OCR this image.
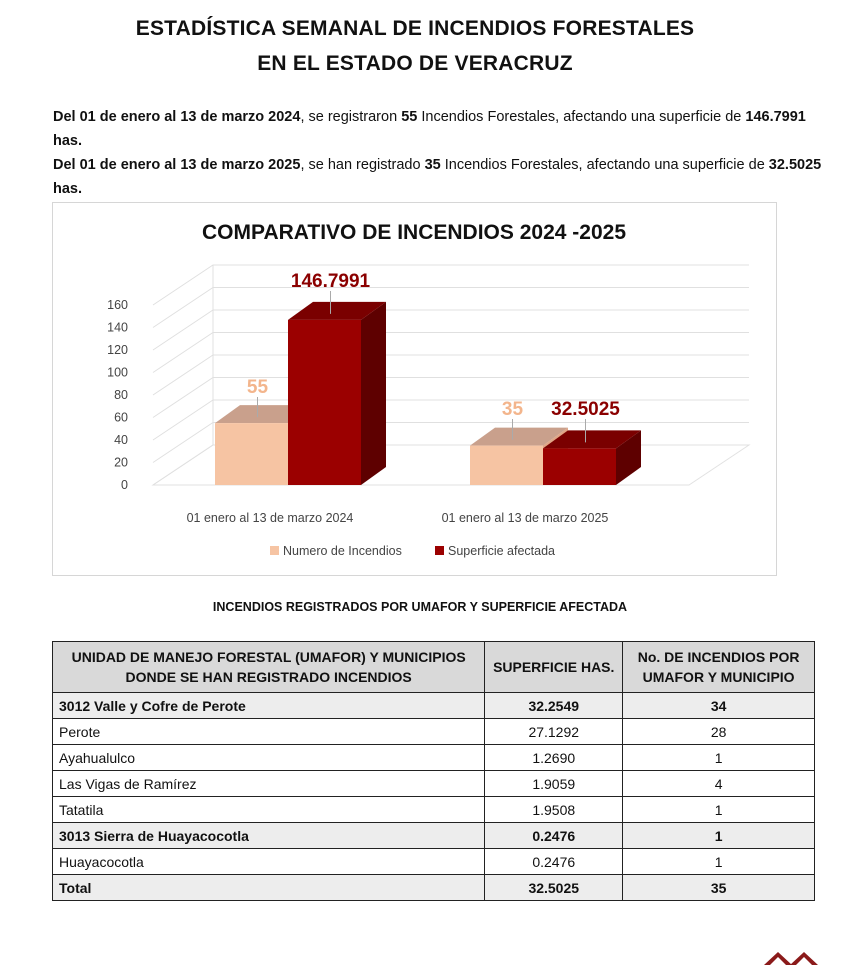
ESTADÍSTICA SEMANAL DE INCENDIOS FORESTALES
EN EL ESTADO DE VERACRUZ
Del 01 de enero al 13 de marzo 2024, se registraron 55 Incendios Forestales, afectando una superficie de 146.7991 has.
Del 01 de enero al 13 de marzo 2025, se han registrado 35 Incendios Forestales, afectando una superficie de 32.5025 has.
COMPARATIVO DE INCENDIOS 2024 -2025
0
20
40
60
80
100
120
140
160
55
146.7991
35 32.5025
01 enero al 13 de marzo 2024	01 enero al 13 de marzo 2025
Numero de Incendios	Superficie afectada
INCENDIOS REGISTRADOS POR UMAFOR Y SUPERFICIE AFECTADA
UNIDAD DE MANEJO FORESTAL (UMAFOR) Y MUNICIPIOS DONDE SE HAN REGISTRADO INCENDIOS	SUPERFICIE HAS.	No. DE INCENDIOS POR UMAFOR Y MUNICIPIO
3012 Valle y Cofre de Perote	32.2549	34
Perote	27.1292	28
Ayahualulco	1.2690	1
Las Vigas de Ramírez	1.9059	4
Tatatila	1.9508	1
3013 Sierra de Huayacocotla	0.2476	1
Huayacocotla	0.2476	1
Total	32.5025	35
